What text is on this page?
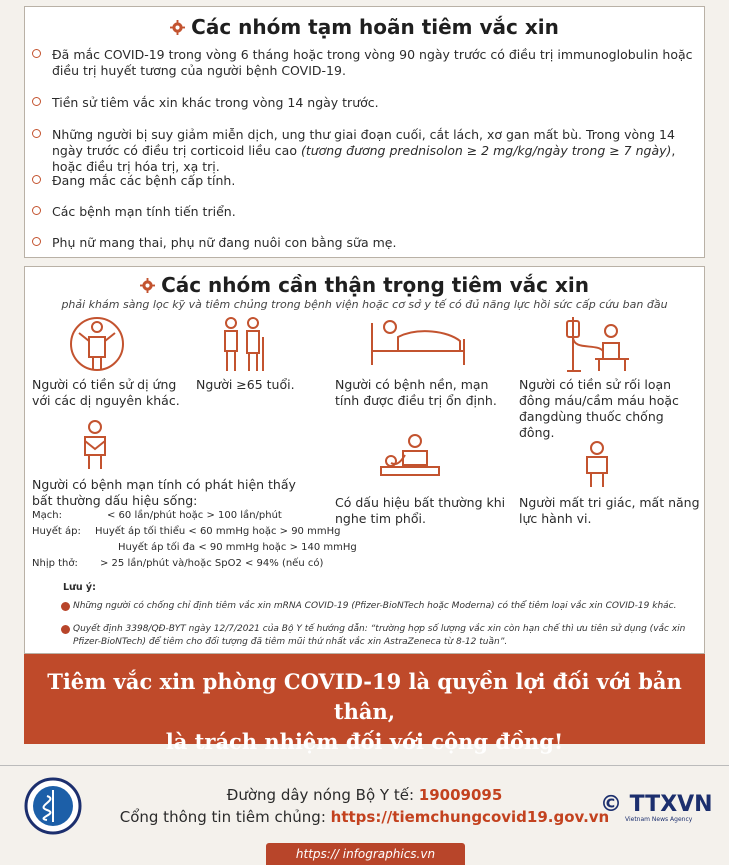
Các nhóm tạm hoãn tiêm vắc xin
Đã mắc COVID-19 trong vòng 6 tháng hoặc trong vòng 90 ngày trước có điều trị immunoglobulin hoặc điều trị huyết tương của người bệnh COVID-19.
Tiền sử tiêm vắc xin khác trong vòng 14 ngày trước.
Những người bị suy giảm miễn dịch, ung thư giai đoạn cuối, cắt lách, xơ gan mất bù. Trong vòng 14 ngày trước có điều trị corticoid liều cao (tương đương prednisolon ≥ 2 mg/kg/ngày trong ≥ 7 ngày), hoặc điều trị hóa trị, xạ trị.
Đang mắc các bệnh cấp tính.
Các bệnh mạn tính tiến triển.
Phụ nữ mang thai, phụ nữ đang nuôi con bằng sữa mẹ.
Các nhóm cần thận trọng tiêm vắc xin
phải khám sàng lọc kỹ và tiêm chủng trong bệnh viện hoặc cơ sở y tế có đủ năng lực hồi sức cấp cứu ban đầu
Người có tiền sử dị ứng với các dị nguyên khác.
Người ≥65 tuổi.	Người có bệnh nền, mạn tính được điều trị ổn định.
Người có tiền sử rối loạn đông máu/cầm máu hoặc đangdùng thuốc chống đông.
Người có bệnh mạn tính có phát hiện thấy bất thường dấu hiệu sống:	Có dấu hiệu bất thường khi nghe tim phổi.
Người mất tri giác, mất năng lực hành vi.
Mạch:	< 60 lần/phút hoặc > 100 lần/phút
Huyết áp: Huyết áp tối thiểu < 60 mmHg hoặc > 90 mmHg
Huyết áp tối đa < 90 mmHg hoặc > 140 mmHg
Nhịp thở: > 25 lần/phút và/hoặc SpO2 < 94% (nếu có)
Lưu ý:
Những người có chống chỉ định tiêm vắc xin mRNA COVID-19 (Pfizer-BioNTech hoặc Moderna) có thể tiêm loại vắc xin COVID-19 khác.
Quyết định 3398/QĐ-BYT ngày 12/7/2021 của Bộ Y tế hướng dẫn: “trường hợp số lượng vắc xin còn hạn chế thì ưu tiên sử dụng (vắc xin Pfizer-BioNTech) để tiêm cho đối tượng đã tiêm mũi thứ nhất vắc xin AstraZeneca từ 8-12 tuần”.
Tiêm vắc xin phòng COVID-19 là quyền lợi đối với bản thân,
là trách nhiệm đối với cộng đồng!
Đường dây nóng Bộ Y tế: 19009095
Cổng thông tin tiêm chủng: https://tiemchungcovid19.gov.vn
© TTXVN
Vietnam News Agency
https:// infographics.vn
